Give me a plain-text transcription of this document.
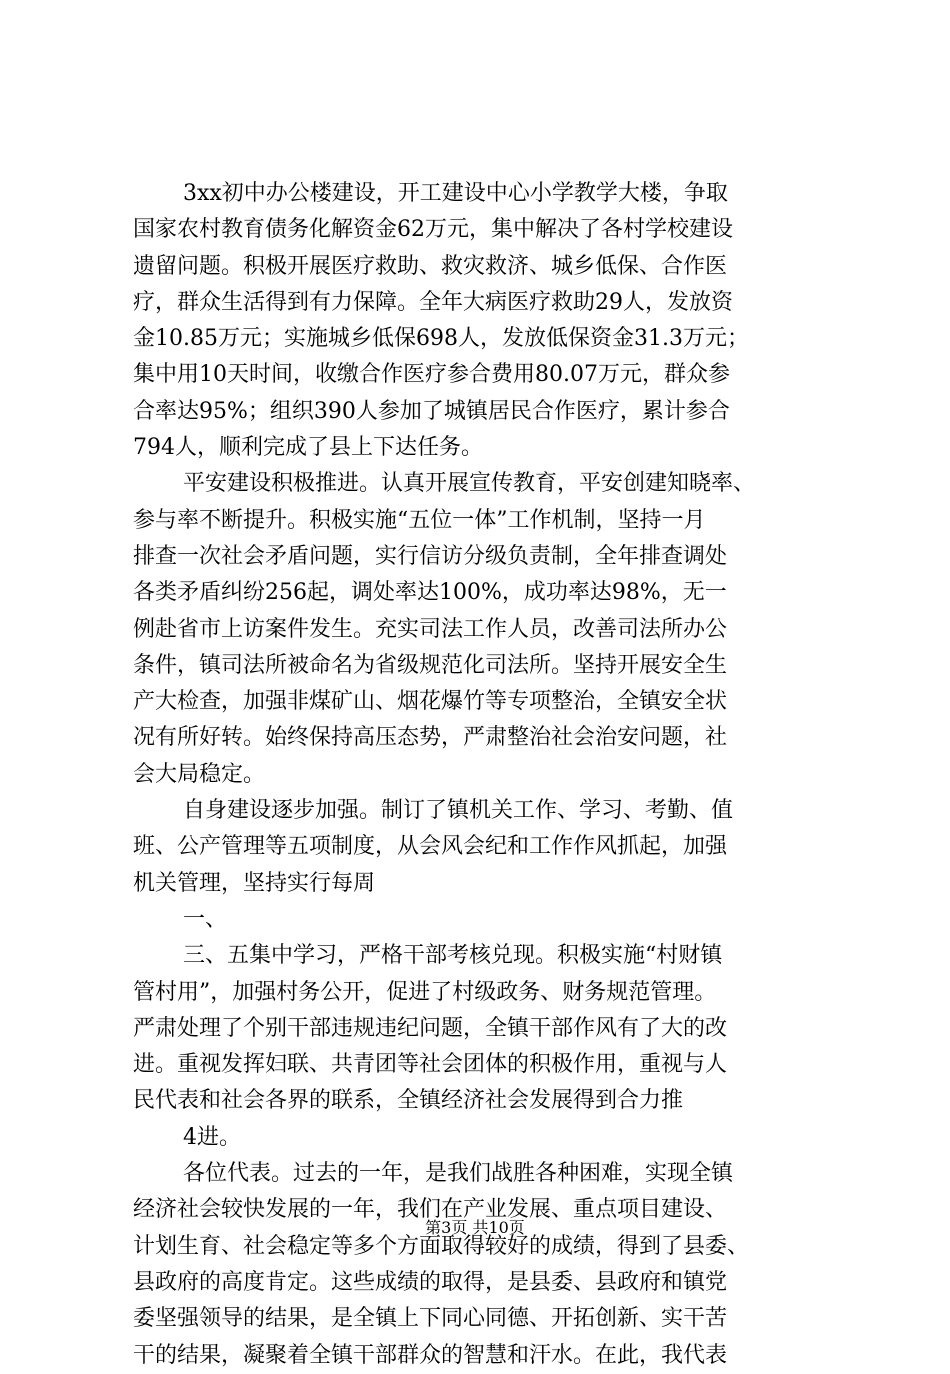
3xx初中办公楼建设，开工建设中心小学教学大楼，争取
国家农村教育债务化解资金62万元，集中解决了各村学校建设
遗留问题。积极开展医疗救助、救灾救济、城乡低保、合作医
疗，群众生活得到有力保障。全年大病医疗救助29人，发放资
金10.85万元；实施城乡低保698人，发放低保资金31.3万元；
集中用10天时间，收缴合作医疗参合费用80.07万元，群众参
合率达95%；组织390人参加了城镇居民合作医疗，累计参合
794人，顺利完成了县上下达任务。
平安建设积极推进。认真开展宣传教育，平安创建知晓率、
参与率不断提升。积极实施“五位一体”工作机制，坚持一月
排查一次社会矛盾问题，实行信访分级负责制，全年排查调处
各类矛盾纠纷256起，调处率达100%，成功率达98%，无一
例赴省市上访案件发生。充实司法工作人员，改善司法所办公
条件，镇司法所被命名为省级规范化司法所。坚持开展安全生
产大检查，加强非煤矿山、烟花爆竹等专项整治，全镇安全状
况有所好转。始终保持高压态势，严肃整治社会治安问题，社
会大局稳定。
自身建设逐步加强。制订了镇机关工作、学习、考勤、值
班、公产管理等五项制度，从会风会纪和工作作风抓起，加强
机关管理，坚持实行每周
一、
三、五集中学习，严格干部考核兑现。积极实施“村财镇
管村用”，加强村务公开，促进了村级政务、财务规范管理。
严肃处理了个别干部违规违纪问题，全镇干部作风有了大的改
进。重视发挥妇联、共青团等社会团体的积极作用，重视与人
民代表和社会各界的联系，全镇经济社会发展得到合力推
4进。
各位代表。过去的一年，是我们战胜各种困难，实现全镇
经济社会较快发展的一年，我们在产业发展、重点项目建设、
计划生育、社会稳定等多个方面取得较好的成绩，得到了县委、
县政府的高度肯定。这些成绩的取得，是县委、县政府和镇党
委坚强领导的结果，是全镇上下同心同德、开拓创新、实干苦
干的结果，凝聚着全镇干部群众的智慧和汗水。在此，我代表
第3页 共10页
